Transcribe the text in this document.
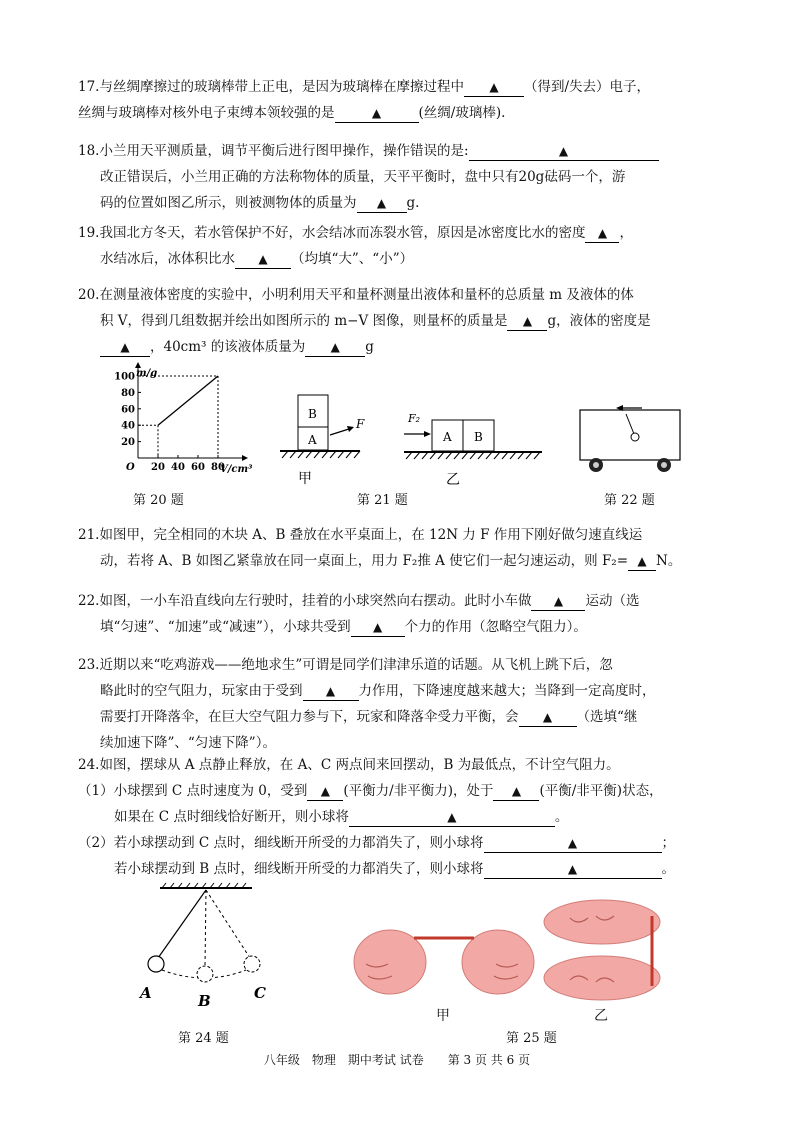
17.与丝绸摩擦过的玻璃棒带上正电，是因为玻璃棒在摩擦过程中 ▲ （得到/失去）电子，

丝绸与玻璃棒对核外电子束缚本领较强的是	▲	(丝绸/玻璃棒).

18.小兰用天平测质量，调节平衡后进行图甲操作，操作错误的是:	▲

改正错误后，小兰用正确的方法称物体的质量，天平平衡时，盘中只有20g砝码一个，游

码的位置如图乙所示，则被测物体的质量为 ▲ g.

19.我国北方冬天，若水管保护不好，水会结冰而冻裂水管，原因是冰密度比水的密度 ▲ ，

水结冰后，冰体积比水 ▲ （均填“大”、“小”）

20.在测量液体密度的实验中，小明利用天平和量杯测量出液体和量杯的总质量 m 及液体的体

积 V，得到几组数据并绘出如图所示的 m−V 图像，则量杯的质量是 ▲ g，液体的密度是

▲ ，40cm³ 的该液体质量为 ▲ g

20
40
60
80
100
O 20 40 60 80
m/g
V/cm³
第 20 题
B
A
F
甲
F₂
A B
乙
第 21 题	第 22 题

21.如图甲，完全相同的木块 A、B 叠放在水平桌面上，在 12N 力 F 作用下刚好做匀速直线运

动，若将 A、B 如图乙紧靠放在同一桌面上，用力 F₂推 A 使它们一起匀速运动，则 F₂= ▲ N。

22.如图，一小车沿直线向左行驶时，挂着的小球突然向右摆动。此时小车做 ▲ 运动（选

填“匀速”、“加速”或“减速”），小球共受到 ▲ 个力的作用（忽略空气阻力）。

23.近期以来“吃鸡游戏——绝地求生”可谓是同学们津津乐道的话题。从飞机上跳下后，忽

略此时的空气阻力，玩家由于受到 ▲ 力作用，下降速度越来越大；当降到一定高度时，

需要打开降落伞，在巨大空气阻力参与下，玩家和降落伞受力平衡，会 ▲ （选填“继

续加速下降”、“匀速下降”）。

24.如图，摆球从 A 点静止释放，在 A、C 两点间来回摆动，B 为最低点，不计空气阻力。

（1）小球摆到 C 点时速度为 0，受到 ▲ (平衡力/非平衡力)，处于 ▲ (平衡/非平衡)状态，

如果在 C 点时细线恰好断开，则小球将	▲	。

（2）若小球摆动到 C 点时，细线断开所受的力都消失了，则小球将	▲	；

若小球摆动到 B 点时，细线断开所受的力都消失了，则小球将	▲	。

A	B	C
第 24 题
甲	乙
第 25 题
八年级　物理　期中考试 试卷　　第 3 页 共 6 页
